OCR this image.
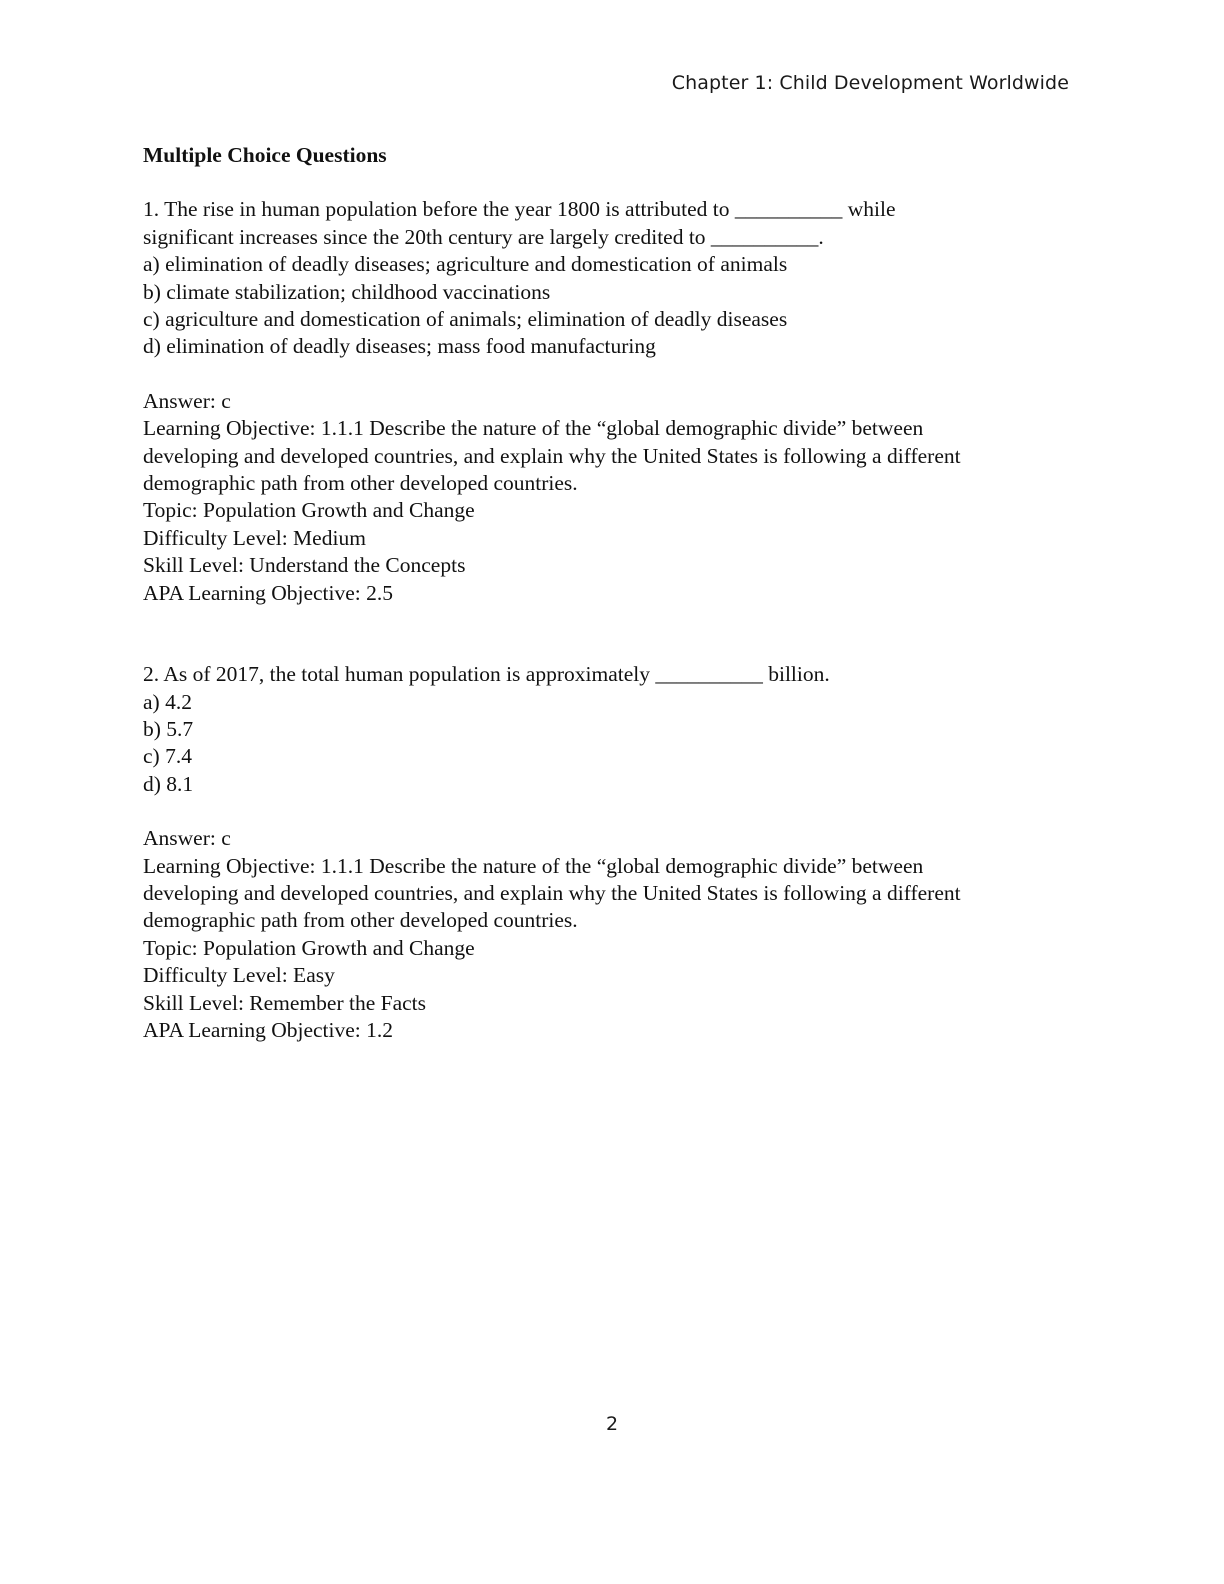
Chapter 1: Child Development Worldwide
Multiple Choice Questions
1. The rise in human population before the year 1800 is attributed to __________ while
significant increases since the 20th century are largely credited to __________.
a) elimination of deadly diseases; agriculture and domestication of animals
b) climate stabilization; childhood vaccinations
c) agriculture and domestication of animals; elimination of deadly diseases
d) elimination of deadly diseases; mass food manufacturing
Answer: c
Learning Objective: 1.1.1 Describe the nature of the “global demographic divide” between
developing and developed countries, and explain why the United States is following a different
demographic path from other developed countries.
Topic: Population Growth and Change
Difficulty Level: Medium
Skill Level: Understand the Concepts
APA Learning Objective: 2.5
2. As of 2017, the total human population is approximately __________ billion.
a) 4.2
b) 5.7
c) 7.4
d) 8.1
Answer: c
Learning Objective: 1.1.1 Describe the nature of the “global demographic divide” between
developing and developed countries, and explain why the United States is following a different
demographic path from other developed countries.
Topic: Population Growth and Change
Difficulty Level: Easy
Skill Level: Remember the Facts
APA Learning Objective: 1.2
2
